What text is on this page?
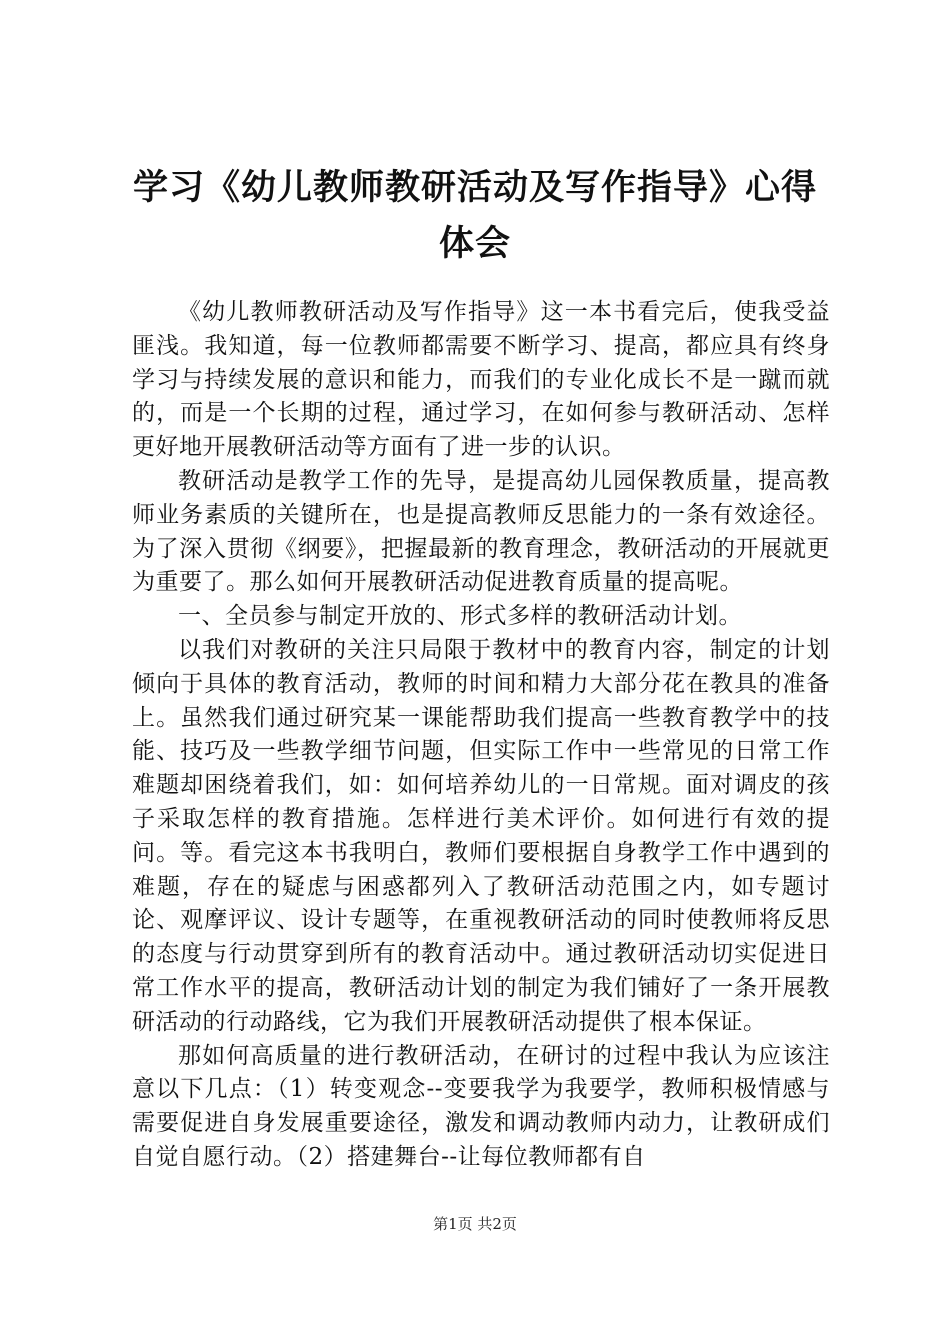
学习《幼儿教师教研活动及写作指导》心得体会

《幼儿教师教研活动及写作指导》这一本书看完后，使我受益匪浅。我知道，每一位教师都需要不断学习、提高，都应具有终身学习与持续发展的意识和能力，而我们的专业化成长不是一蹴而就的，而是一个长期的过程，通过学习，在如何参与教研活动、怎样更好地开展教研活动等方面有了进一步的认识。

教研活动是教学工作的先导，是提高幼儿园保教质量，提高教师业务素质的关键所在，也是提高教师反思能力的一条有效途径。为了深入贯彻《纲要》，把握最新的教育理念，教研活动的开展就更为重要了。那么如何开展教研活动促进教育质量的提高呢。

一、全员参与制定开放的、形式多样的教研活动计划。

以我们对教研的关注只局限于教材中的教育内容，制定的计划倾向于具体的教育活动，教师的时间和精力大部分花在教具的准备上。虽然我们通过研究某一课能帮助我们提高一些教育教学中的技能、技巧及一些教学细节问题，但实际工作中一些常见的日常工作难题却困绕着我们，如：如何培养幼儿的一日常规。面对调皮的孩子采取怎样的教育措施。怎样进行美术评价。如何进行有效的提问。等。看完这本书我明白，教师们要根据自身教学工作中遇到的难题，存在的疑虑与困惑都列入了教研活动范围之内，如专题讨论、观摩评议、设计专题等，在重视教研活动的同时使教师将反思的态度与行动贯穿到所有的教育活动中。通过教研活动切实促进日常工作水平的提高，教研活动计划的制定为我们铺好了一条开展教研活动的行动路线，它为我们开展教研活动提供了根本保证。

那如何高质量的进行教研活动，在研讨的过程中我认为应该注意以下几点：（1）转变观念--变要我学为我要学，教师积极情感与需要促进自身发展重要途径，激发和调动教师内动力，让教研成们自觉自愿行动。（2）搭建舞台--让每位教师都有自

第1页 共2页
